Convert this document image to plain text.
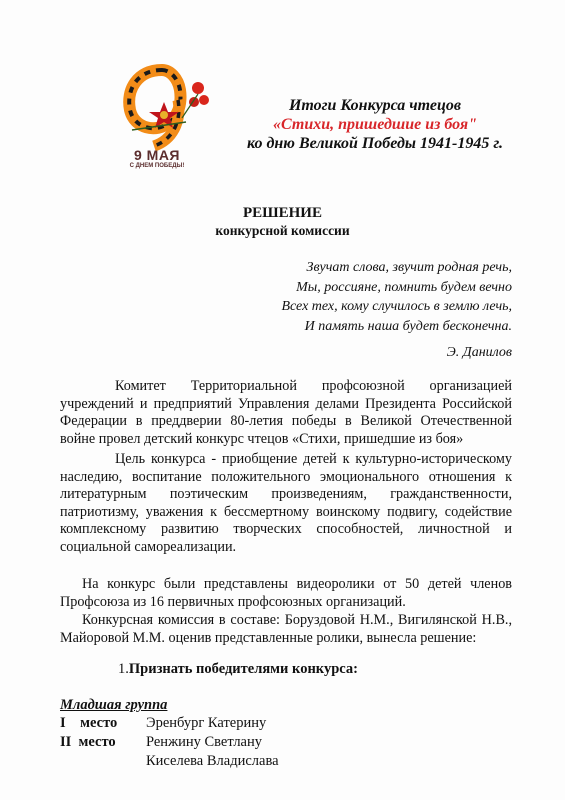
9 МАЯ
С ДНЕМ ПОБЕДЫ!
Итоги Конкурса чтецов
«Стихи, пришедшие из боя"
ко дню Великой Победы 1941-1945 г.
РЕШЕНИЕ
конкурсной комиссии
Звучат слова, звучит родная речь,
Мы, россияне, помнить будем вечно
Всех тех, кому случилось в землю лечь,
И память наша будет бесконечна.
Э. Данилов
Комитет Территориальной профсоюзной организацией учреждений и предприятий Управления делами Президента Российской Федерации в преддверии 80-летия победы в Великой Отечественной войне провел детский конкурс чтецов «Стихи, пришедшие из боя»
Цель конкурса - приобщение детей к культурно-историческому наследию, воспитание положительного эмоционального отношения к литературным поэтическим произведениям, гражданственности, патриотизму, уважения к бессмертному воинскому подвигу, содействие комплексному развитию творческих способностей, личностной и социальной самореализации.
На конкурс были представлены видеоролики от 50 детей членов Профсоюза из 16 первичных профсоюзных организаций.
Конкурсная комиссия в составе: Боруздовой Н.М., Вигилянской Н.В., Майоровой М.М. оценив представленные ролики, вынесла решение:
1.Признать победителями конкурса:
Младшая группа
I    место Эренбург Катерину
II  место Ренжину Светлану
Киселева Владислава
